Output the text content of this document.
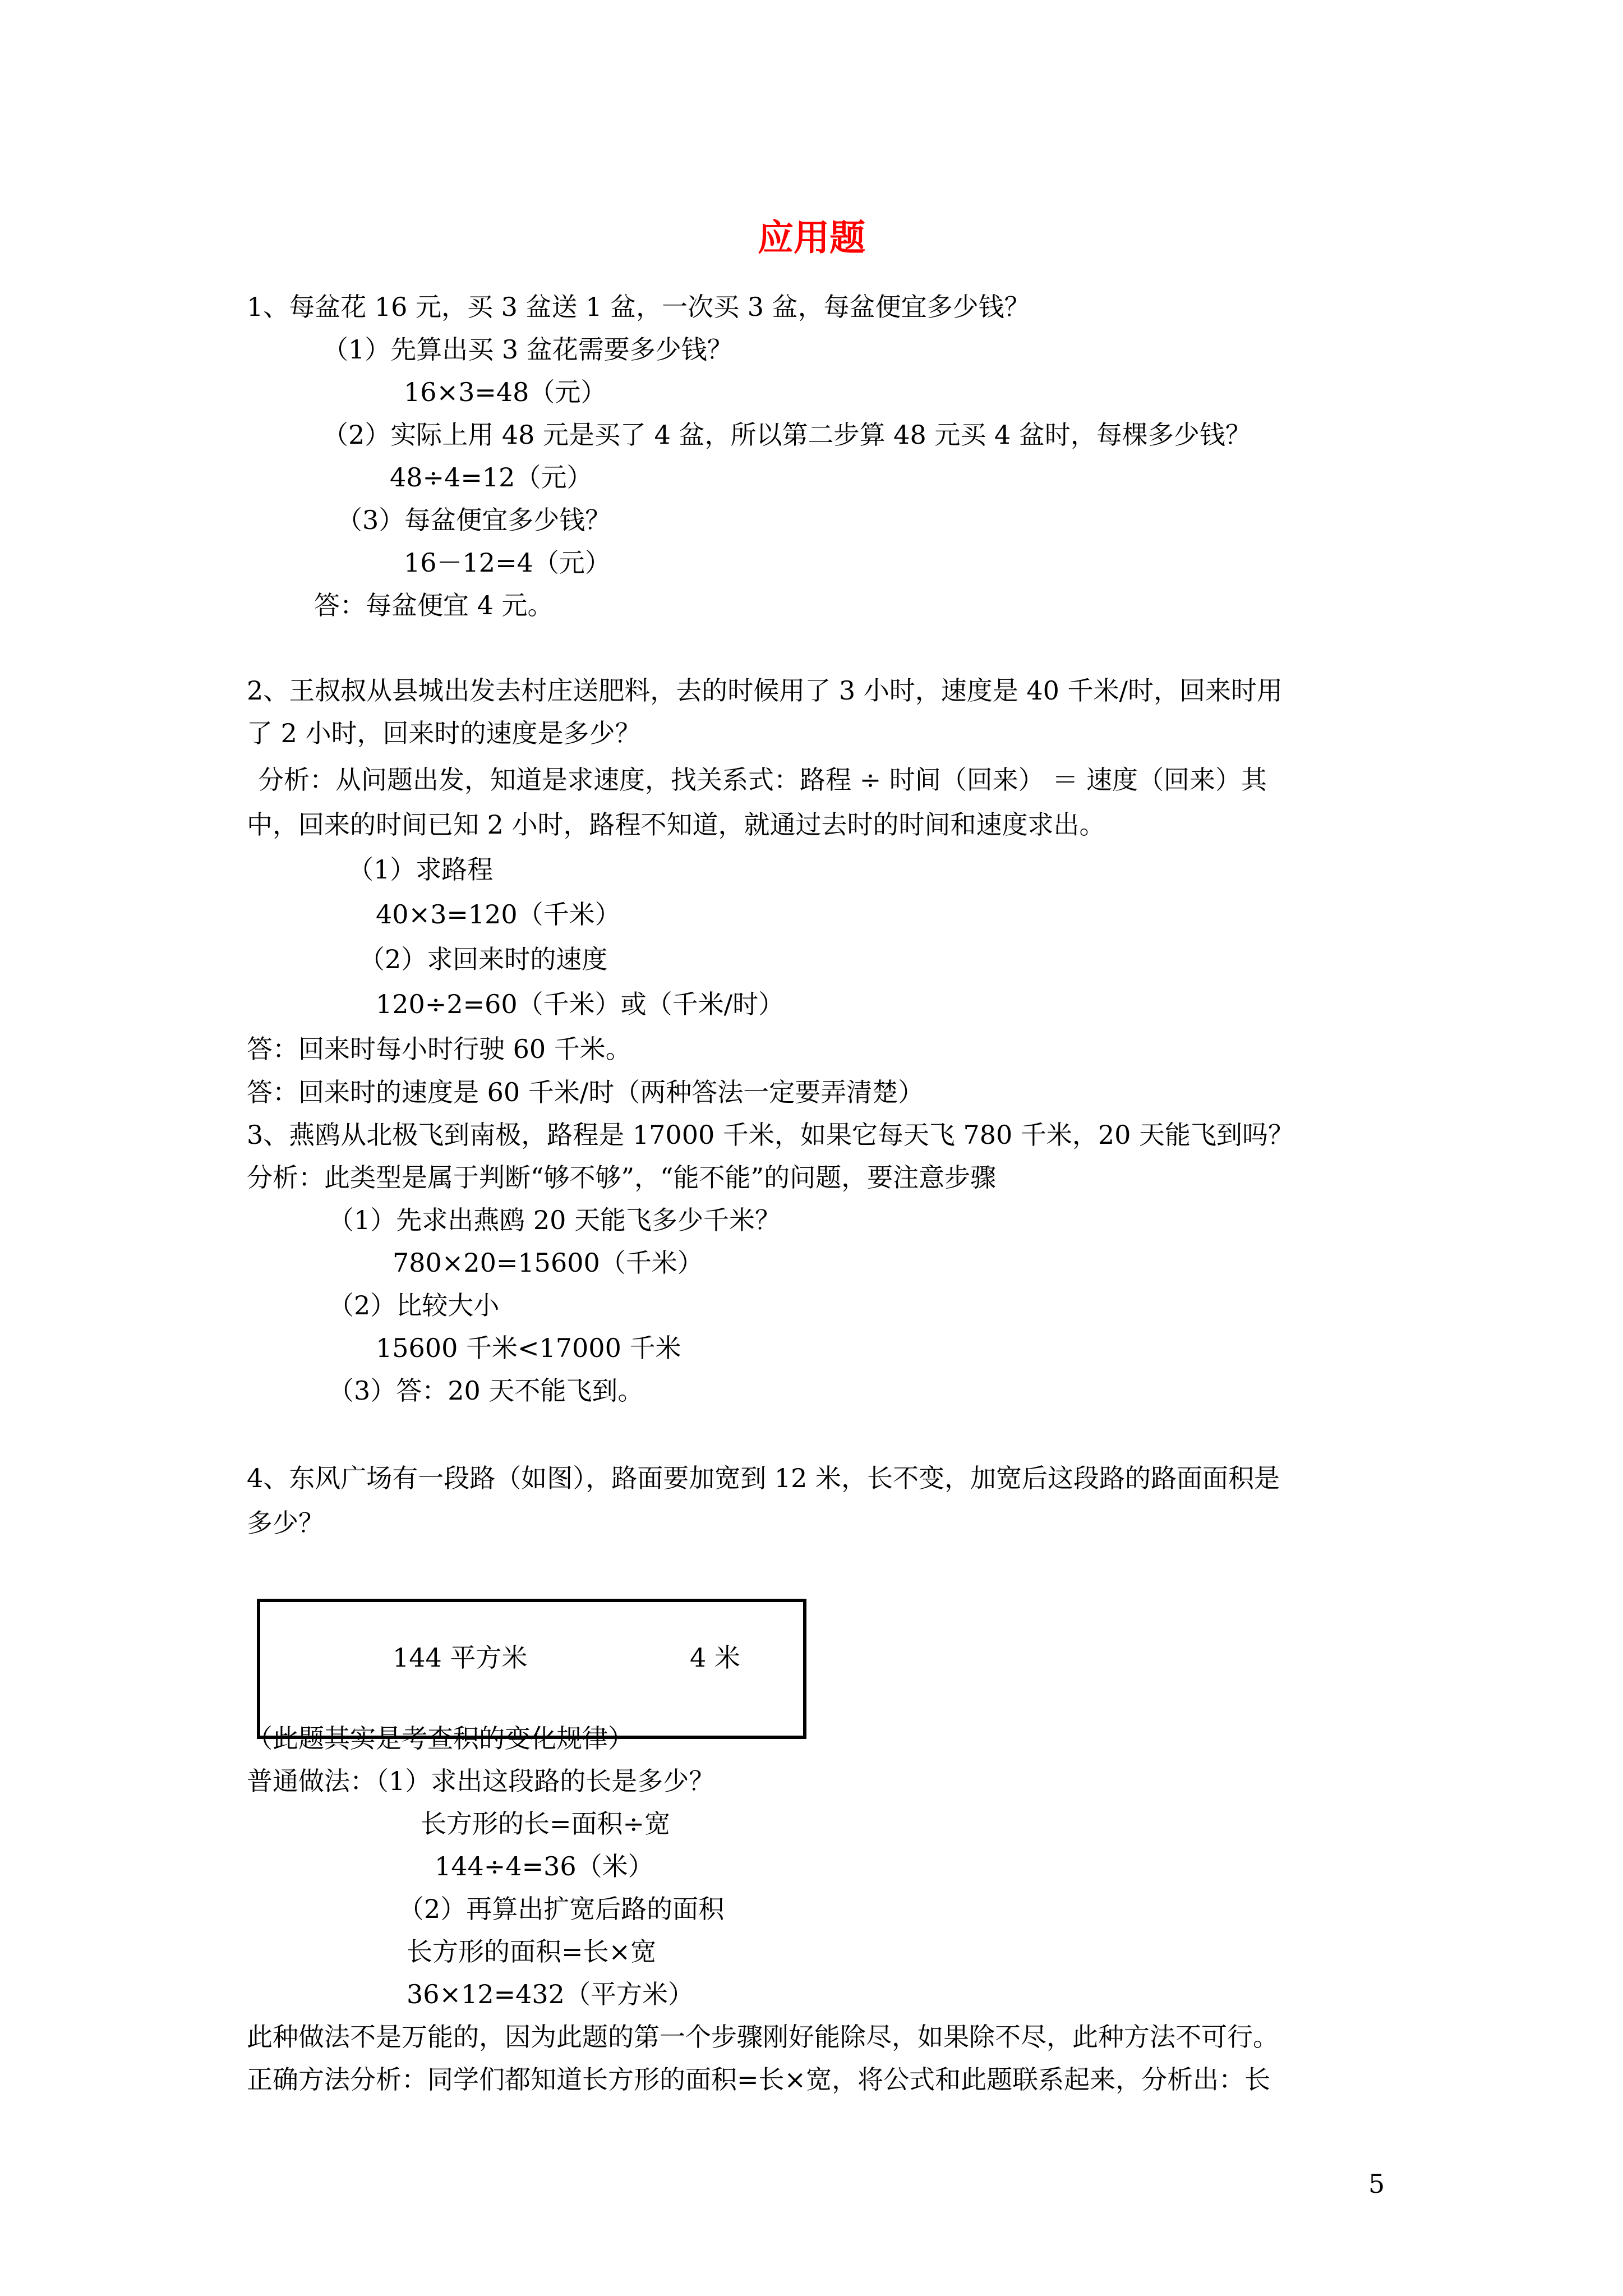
应用题
1、每盆花 16 元，买 3 盆送 1 盆，一次买 3 盆，每盆便宜多少钱？
（1）先算出买 3 盆花需要多少钱？
16×3=48（元）
（2）实际上用 48 元是买了 4 盆，所以第二步算 48 元买 4 盆时，每棵多少钱？
48÷4=12（元）
（3）每盆便宜多少钱？
16－12=4（元）
答：每盆便宜 4 元。
2、王叔叔从县城出发去村庄送肥料，去的时候用了 3 小时，速度是 40 千米/时，回来时用
了 2 小时，回来时的速度是多少？
分析：从问题出发，知道是求速度，找关系式：路程 ÷ 时间（回来） ＝ 速度（回来）其
中，回来的时间已知 2 小时，路程不知道，就通过去时的时间和速度求出。
（1）求路程
40×3=120（千米）
（2）求回来时的速度
120÷2=60（千米）或（千米/时）
答：回来时每小时行驶 60 千米。
答：回来时的速度是 60 千米/时（两种答法一定要弄清楚）
3、燕鸥从北极飞到南极，路程是 17000 千米，如果它每天飞 780 千米，20 天能飞到吗？
分析：此类型是属于判断“够不够”，“能不能”的问题，要注意步骤
（1）先求出燕鸥 20 天能飞多少千米？
780×20=15600（千米）
（2）比较大小
15600 千米<17000 千米
（3）答：20 天不能飞到。
4、东风广场有一段路（如图），路面要加宽到 12 米，长不变，加宽后这段路的路面面积是
多少？
144 平方米	4 米
（此题其实是考查积的变化规律）
普通做法：（1）求出这段路的长是多少？
长方形的长=面积÷宽
144÷4=36（米）
（2）再算出扩宽后路的面积
长方形的面积=长×宽
36×12=432（平方米）
此种做法不是万能的，因为此题的第一个步骤刚好能除尽，如果除不尽，此种方法不可行。
正确方法分析：同学们都知道长方形的面积=长×宽，将公式和此题联系起来，分析出：长
5
